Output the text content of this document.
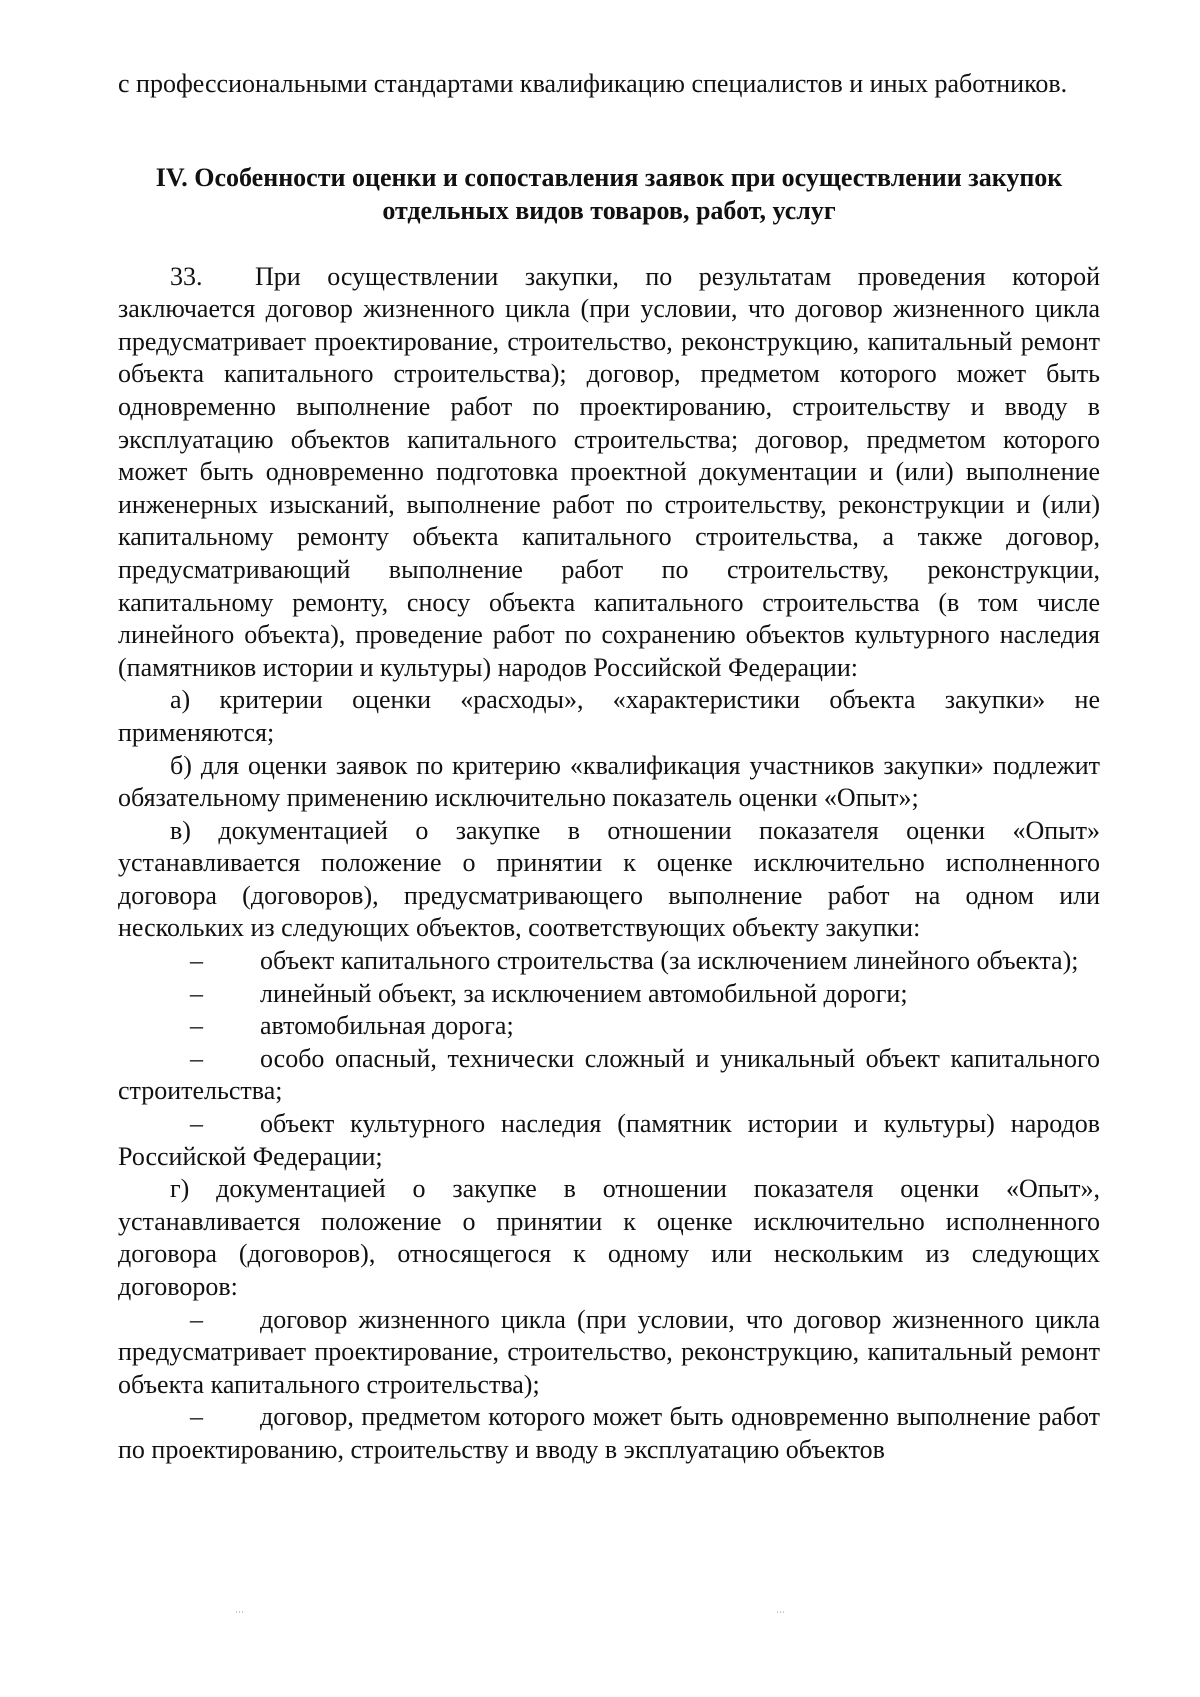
с профессиональными стандартами квалификацию специалистов и иных работников.

IV. Особенности оценки и сопоставления заявок при осуществлении закупок отдельных видов товаров, работ, услуг

33. При осуществлении закупки, по результатам проведения которой заключается договор жизненного цикла (при условии, что договор жизненного цикла предусматривает проектирование, строительство, реконструкцию, капитальный ремонт объекта капитального строительства); договор, предметом которого может быть одновременно выполнение работ по проектированию, строительству и вводу в эксплуатацию объектов капитального строительства; договор, предметом которого может быть одновременно подготовка проектной документации и (или) выполнение инженерных изысканий, выполнение работ по строительству, реконструкции и (или) капитальному ремонту объекта капитального строительства, а также договор, предусматривающий выполнение работ по строительству, реконструкции, капитальному ремонту, сносу объекта капитального строительства (в том числе линейного объекта), проведение работ по сохранению объектов культурного наследия (памятников истории и культуры) народов Российской Федерации:

а) критерии оценки «расходы», «характеристики объекта закупки» не применяются;

б) для оценки заявок по критерию «квалификация участников закупки» подлежит обязательному применению исключительно показатель оценки «Опыт»;

в) документацией о закупке в отношении показателя оценки «Опыт» устанавливается положение о принятии к оценке исключительно исполненного договора (договоров), предусматривающего выполнение работ на одном или нескольких из следующих объектов, соответствующих объекту закупки:

– объект капитального строительства (за исключением линейного объекта);

– линейный объект, за исключением автомобильной дороги;

– автомобильная дорога;

– особо опасный, технически сложный и уникальный объект капитального строительства;

– объект культурного наследия (памятник истории и культуры) народов Российской Федерации;

г) документацией о закупке в отношении показателя оценки «Опыт», устанавливается положение о принятии к оценке исключительно исполненного договора (договоров), относящегося к одному или нескольким из следующих договоров:

– договор жизненного цикла (при условии, что договор жизненного цикла предусматривает проектирование, строительство, реконструкцию, капитальный ремонт объекта капитального строительства);

– договор, предметом которого может быть одновременно выполнение работ по проектированию, строительству и вводу в эксплуатацию объектов

⋯	⋯
